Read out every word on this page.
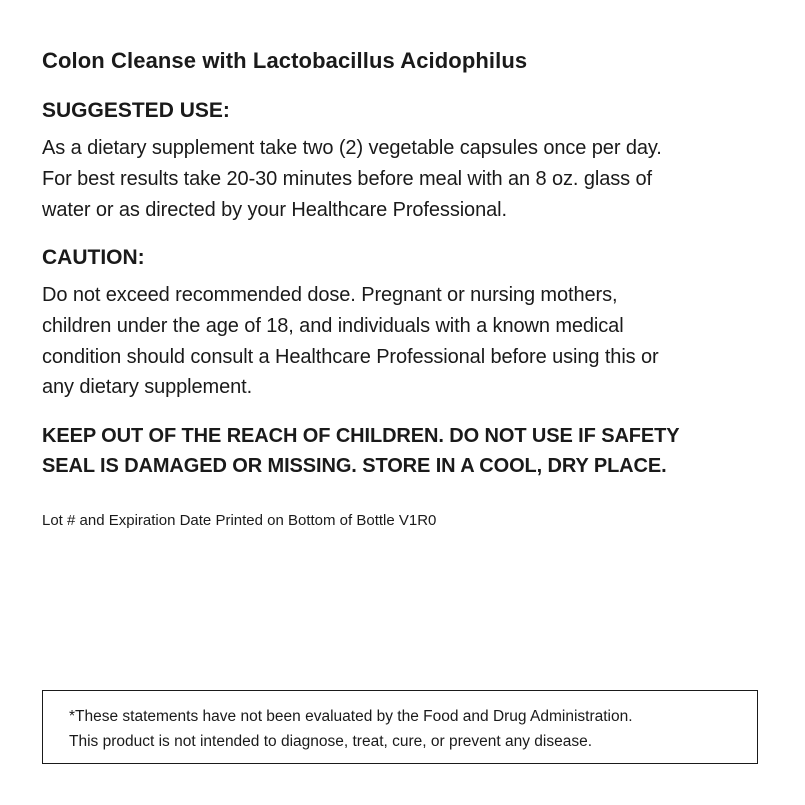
Colon Cleanse with Lactobacillus Acidophilus
SUGGESTED USE:

As a dietary supplement take two (2) vegetable capsules once per day.

For best results take 20-30 minutes before meal with an 8 oz. glass of

water or as directed by your Healthcare Professional.

CAUTION:

Do not exceed recommended dose. Pregnant or nursing mothers,

children under the age of 18, and individuals with a known medical

condition should consult a Healthcare Professional before using this or

any dietary supplement.

KEEP OUT OF THE REACH OF CHILDREN. DO NOT USE IF SAFETY

SEAL IS DAMAGED OR MISSING. STORE IN A COOL, DRY PLACE.

Lot # and Expiration Date Printed on Bottom of Bottle V1R0

*These statements have not been evaluated by the Food and Drug Administration.

This product is not intended to diagnose, treat, cure, or prevent any disease.
